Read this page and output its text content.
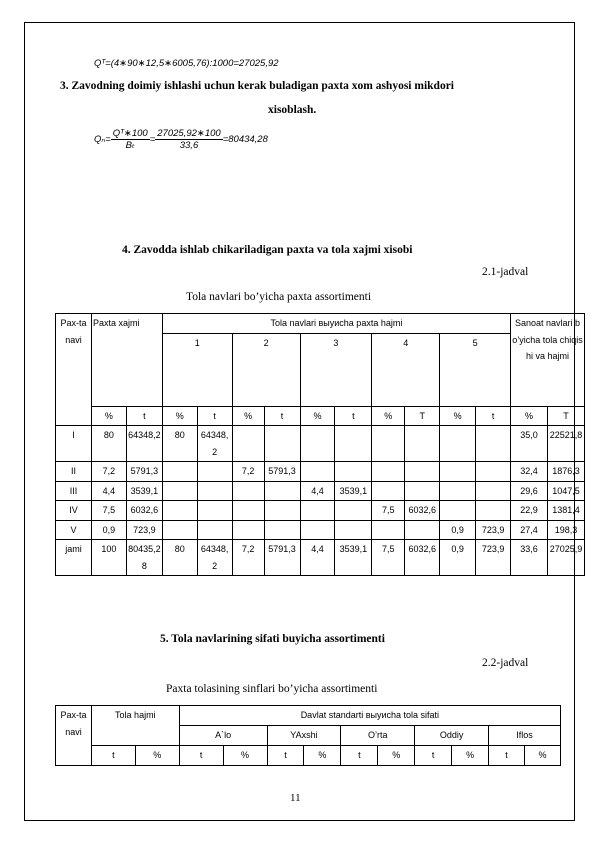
Qᵀ=(4∗90∗12,5∗6005,76):1000=27025,92
3. Zavodning doimiy ishlashi uchun kerak buladigan paxta xom ashyosi mikdori
xisoblash.
$Q_n= \frac{\text{Qᵀ∗100}}{\text{Bₜ}} = \frac{27025,92∗100}{33,6} =80434,28$
4. Zavodda ishlab chikariladigan paxta va tola xajmi xisobi
2.1-jadval
Tola navlari bo’yicha paxta assortimenti
Pax-ta navi	Paxta xajmi		Tola navlari выyиcha paxta hajmi										Sanoat navlari bo’yicha tola chiqishi va hajmi	
			1		2		3		4		5			
	%	t	%	t	%	t	%	t	%	T	%	t	%	T
I	80	64348,2	80	64348,2									35,0	22521,8
II	7,2	5791,3			7,2	5791,3							32,4	1876,3
III	4,4	3539,1					4,4	3539,1					29,6	1047,5
IV	7,5	6032,6							7,5	6032,6			22,9	1381,4
V	0,9	723,9									0,9	723,9	27,4	198,3
jami	100	80435,28	80	64348,2	7,2	5791,3	4,4	3539,1	7,5	6032,6	0,9	723,9	33,6	27025,9
5. Tola navlarining sifati buyicha assortimenti
2.2-jadval
Paxta tolasining sinflari bo’yicha assortimenti
Pax-ta navi	Tola hajmi		Davlat standarti выyиcha tola sifati									
			A`lo		YAxshi		O’rta		Oddiy		Iflos	
	t	%	t	%	t	%	t	%	t	%	t	%
11
